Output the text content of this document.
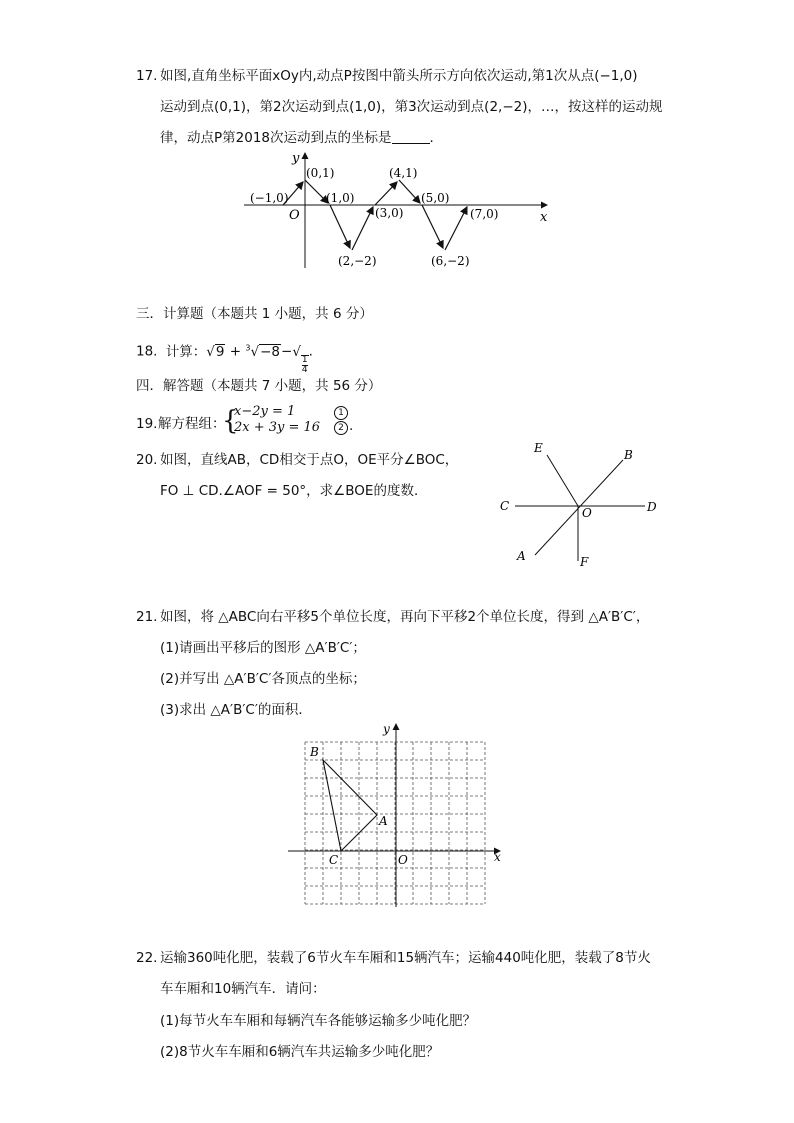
17. 如图,直角坐标平面xOy内,动点P按图中箭头所示方向依次运动,第1次从点(−1,0)
运动到点(0,1)，第2次运动到点(1,0)，第3次运动到点(2,−2)，…，按这样的运动规
律，动点P第2018次运动到点的坐标是	．
y
x
O
(−1,0)
(0,1)
(1,0)
(2,−2)
(3,0)
(4,1)
(5,0)
(6,−2)
(7,0)
三．计算题（本题共 1 小题，共 6 分）
18. 计算：√9 + $^3$√−8−√
$\frac{1}{4}$
.
四．解答题（本题共 7 小题，共 56 分）
19. 解方程组：
{
x−2y = 1
2x + 3y = 16
1
2 .
20. 如图，直线AB，CD相交于点O，OE平分∠BOC，
FO ⊥ CD.∠AOF = 50°，求∠BOE的度数．
E	B
C	O	D
A	F
21. 如图，将 △ABC向右平移5个单位长度，再向下平移2个单位长度，得到 △A′B′C′，
(1)请画出平移后的图形 △A′B′C′；
(2)并写出 △A′B′C′各顶点的坐标；
(3)求出 △A′B′C′的面积．
B
A
C	O	x
y
22. 运输360吨化肥，装载了6节火车车厢和15辆汽车；运输440吨化肥，装载了8节火
车车厢和10辆汽车．请问：
(1)每节火车车厢和每辆汽车各能够运输多少吨化肥？
(2)8节火车车厢和6辆汽车共运输多少吨化肥？
